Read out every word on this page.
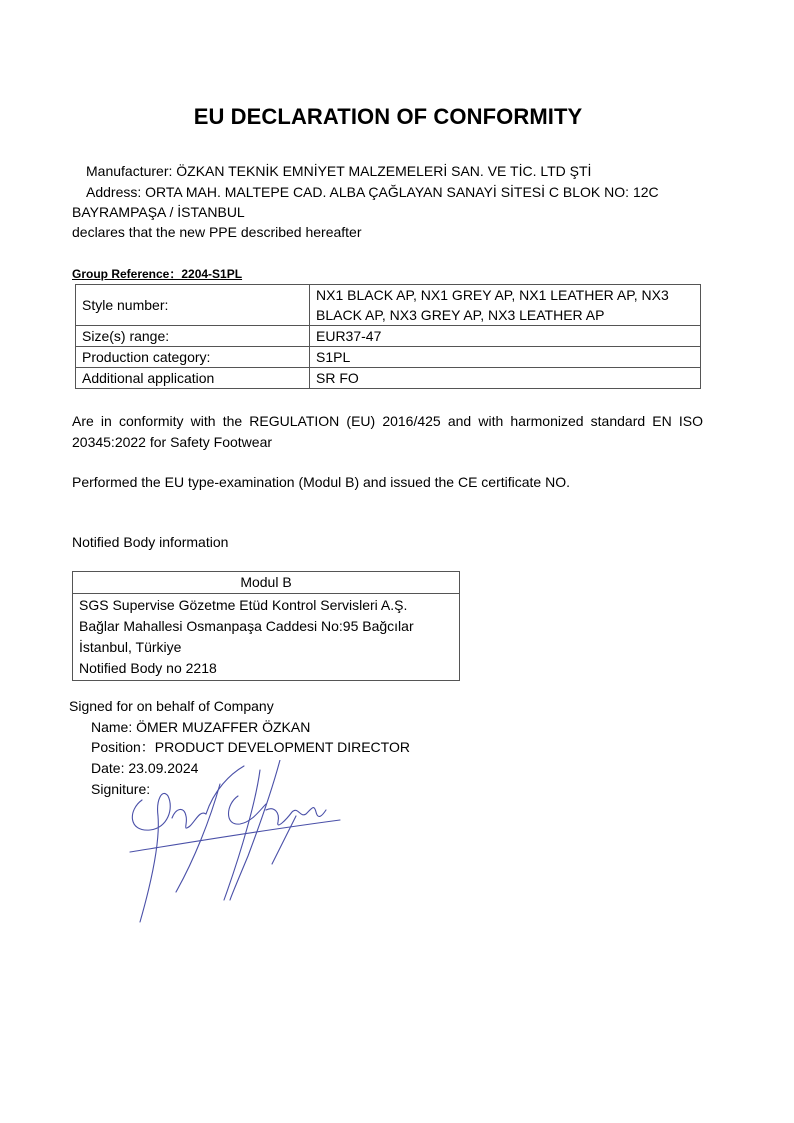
EU DECLARATION OF CONFORMITY
Manufacturer: ÖZKAN TEKNİK EMNİYET MALZEMELERİ SAN. VE TİC. LTD ŞTİ
Address: ORTA MAH. MALTEPE CAD. ALBA ÇAĞLAYAN SANAYİ SİTESİ C BLOK NO: 12C
BAYRAMPAŞA / İSTANBUL
declares that the new PPE described hereafter
Group Reference：2204-S1PL
Style number:	NX1 BLACK AP, NX1 GREY AP, NX1 LEATHER AP, NX3
BLACK AP, NX3 GREY AP, NX3 LEATHER AP

Size(s) range:	EUR37-47
Production category:	S1PL
Additional application	SR FO
Are in conformity with the REGULATION (EU) 2016/425 and with harmonized standard EN ISO 20345:2022 for Safety Footwear
Performed the EU type-examination (Modul B) and issued the CE certificate NO.
Notified Body information
Modul B

SGS Supervise Gözetme Etüd Kontrol Servisleri A.Ş.
Bağlar Mahallesi Osmanpaşa Caddesi No:95 Bağcılar
İstanbul, Türkiye
Notified Body no 2218
Signed for on behalf of Company
Name: ÖMER MUZAFFER ÖZKAN
Position：PRODUCT DEVELOPMENT DIRECTOR
Date: 23.09.2024
Signiture:
